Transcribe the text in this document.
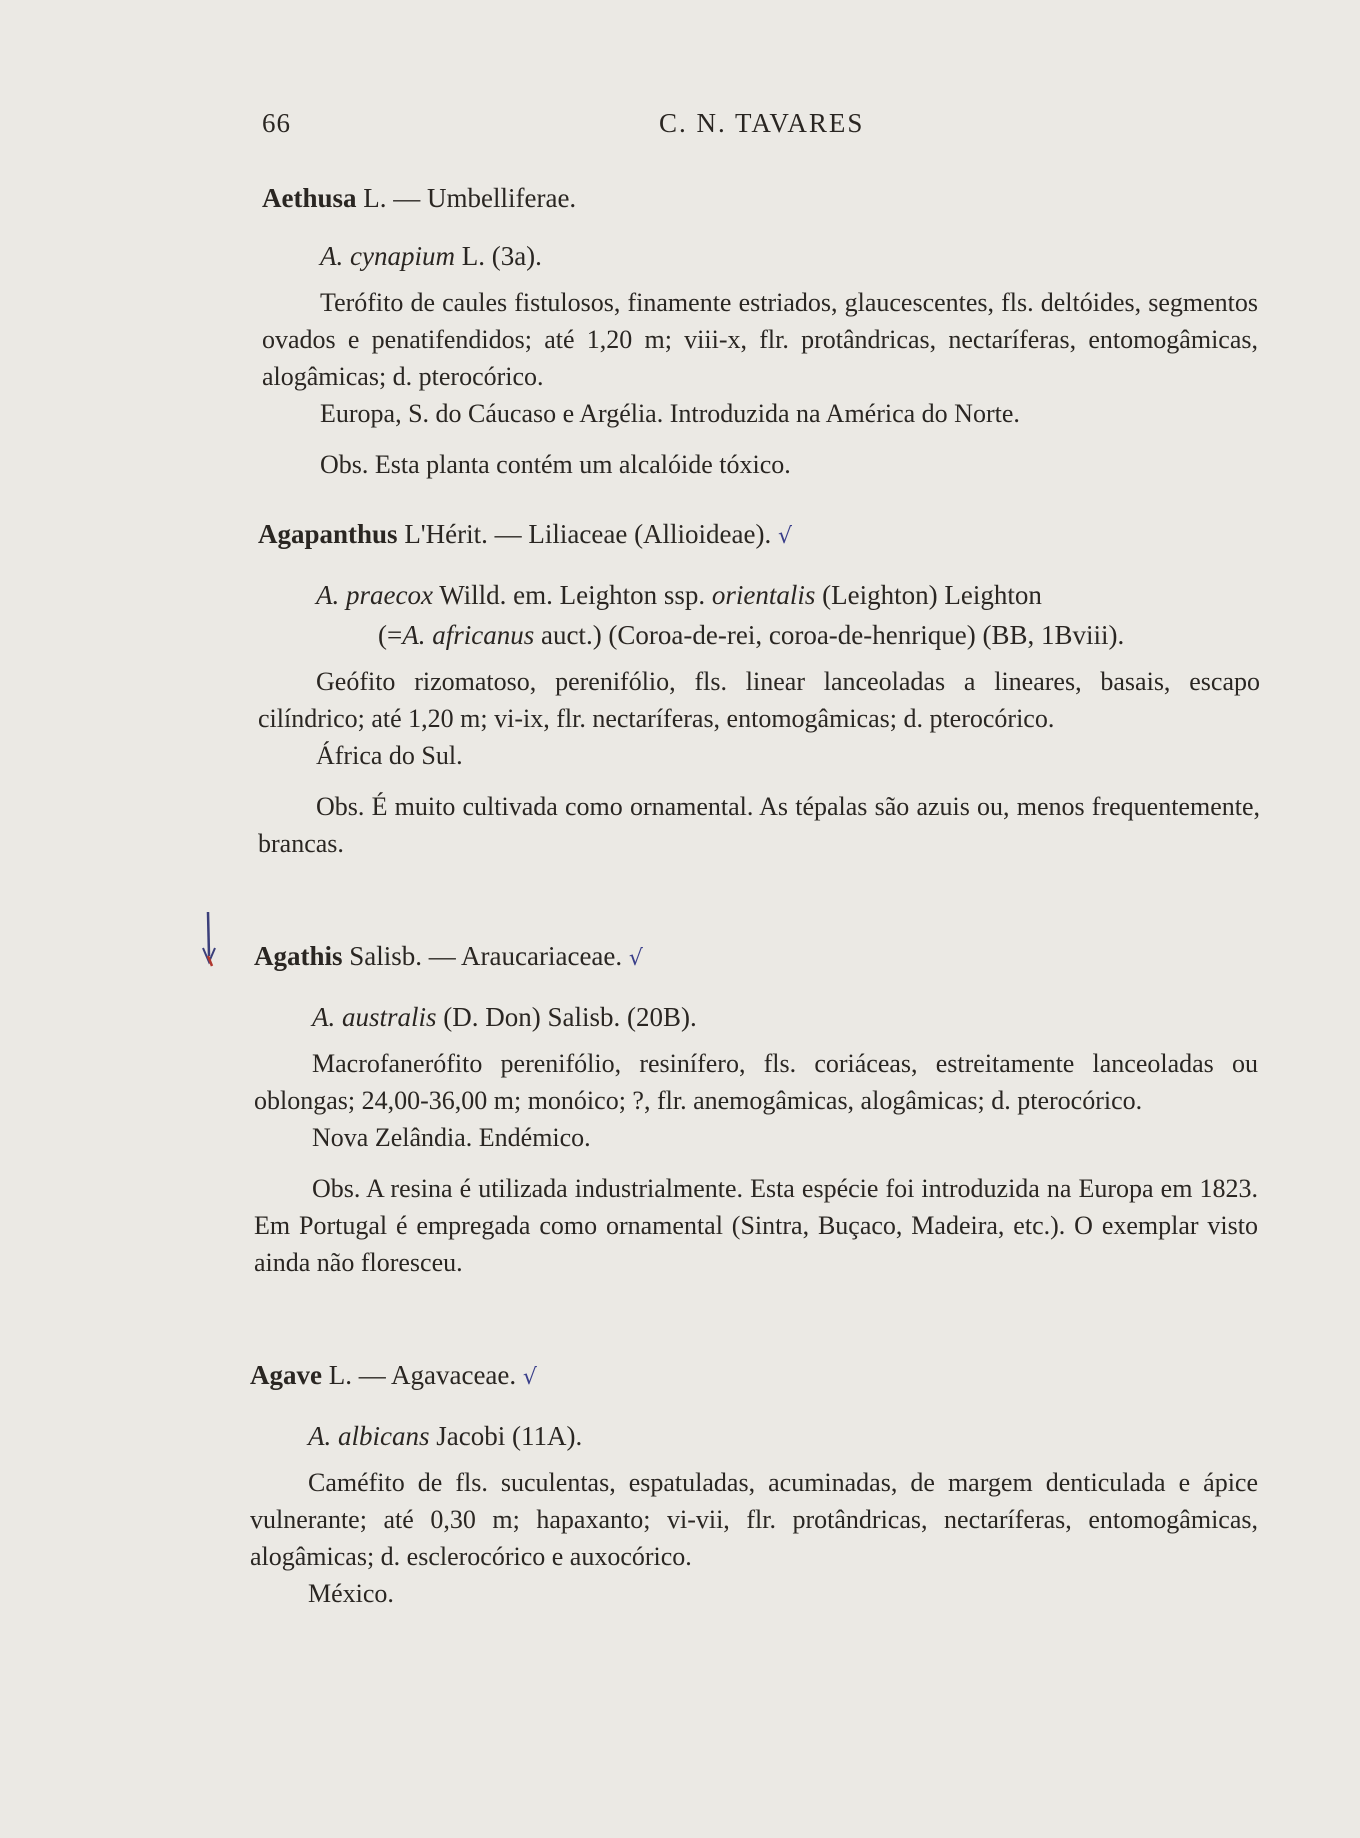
66	C. N. TAVARES
Aethusa L. — Umbelliferae.
A. cynapium L. (3a).
Terófito de caules fistulosos, finamente estriados, glaucescentes, fls. deltóides, segmentos ovados e penatifendidos; até 1,20 m; viii-x, flr. protândricas, nectaríferas, entomogâmicas, alogâmicas; d. pterocórico.
Europa, S. do Cáucaso e Argélia. Introduzida na América do Norte.
Obs. Esta planta contém um alcalóide tóxico.
Agapanthus L'Hérit. — Liliaceae (Allioideae). √
A. praecox Willd. em. Leighton ssp. orientalis (Leighton) Leighton
(=A. africanus auct.) (Coroa-de-rei, coroa-de-henrique) (BB, 1Bviii).
Geófito rizomatoso, perenifólio, fls. linear lanceoladas a lineares, basais, escapo cilíndrico; até 1,20 m; vi-ix, flr. nectaríferas, entomogâmicas; d. pterocórico.
África do Sul.
Obs. É muito cultivada como ornamental. As tépalas são azuis ou, menos frequentemente, brancas.
Agathis Salisb. — Araucariaceae. √
A. australis (D. Don) Salisb. (20B).
Macrofanerófito perenifólio, resinífero, fls. coriáceas, estreitamente lanceoladas ou oblongas; 24,00-36,00 m; monóico; ?, flr. anemogâmicas, alogâmicas; d. pterocórico.
Nova Zelândia. Endémico.
Obs. A resina é utilizada industrialmente. Esta espécie foi introduzida na Europa em 1823. Em Portugal é empregada como ornamental (Sintra, Buçaco, Madeira, etc.). O exemplar visto ainda não floresceu.
Agave L. — Agavaceae. √
A. albicans Jacobi (11A).
Caméfito de fls. suculentas, espatuladas, acuminadas, de margem denticulada e ápice vulnerante; até 0,30 m; hapaxanto; vi-vii, flr. protândricas, nectaríferas, entomogâmicas, alogâmicas; d. esclerocórico e auxocórico.
México.
